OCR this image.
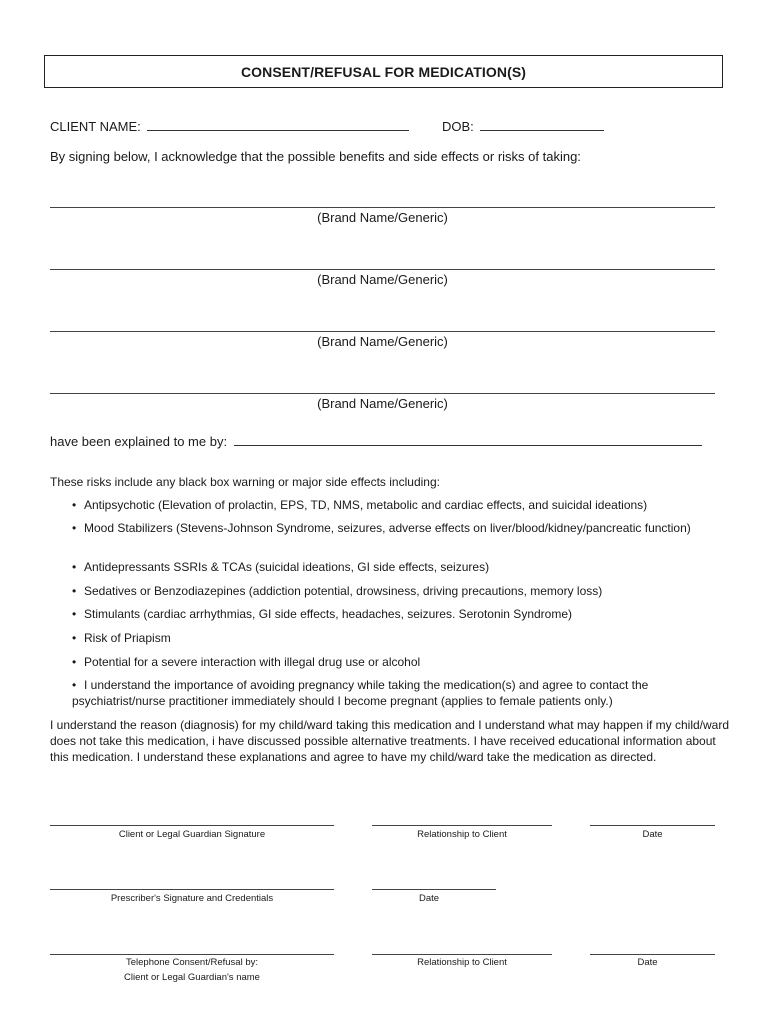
CONSENT/REFUSAL FOR MEDICATION(S)
CLIENT NAME:	DOB:
By signing below, I acknowledge that the possible benefits and side effects or risks of taking:
(Brand Name/Generic)
(Brand Name/Generic)
(Brand Name/Generic)
(Brand Name/Generic)
have been explained to me by:
These risks include any black box warning or major side effects including:
• Antipsychotic (Elevation of prolactin, EPS, TD, NMS, metabolic and cardiac effects, and suicidal ideations)
• Mood Stabilizers (Stevens-Johnson Syndrome, seizures, adverse effects on liver/blood/kidney/pancreatic function)
• Antidepressants SSRIs & TCAs (suicidal ideations, GI side effects, seizures)
• Sedatives or Benzodiazepines (addiction potential, drowsiness, driving precautions, memory loss)
• Stimulants (cardiac arrhythmias, GI side effects, headaches, seizures. Serotonin Syndrome)
• Risk of Priapism
• Potential for a severe interaction with illegal drug use or alcohol
• I understand the importance of avoiding pregnancy while taking the medication(s) and agree to contact the psychiatrist/nurse practitioner immediately should I become pregnant (applies to female patients only.)
I understand the reason (diagnosis) for my child/ward taking this medication and I understand what may happen if my child/ward does not take this medication, i have discussed possible alternative treatments. I have received educational information about this medication. I understand these explanations and agree to have my child/ward take the medication as directed.
Client or Legal Guardian Signature	Relationship to Client	Date
Prescriber's Signature and Credentials	Date
Telephone Consent/Refusal by:
Client or Legal Guardian's name
Relationship to Client	Date
